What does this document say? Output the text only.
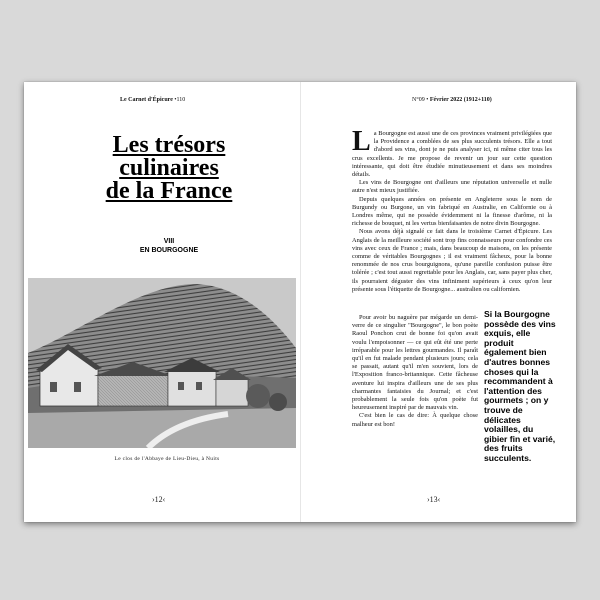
Le Carnet d'Épicure •110
Les trésors
culinaires
de la France
VIII
EN BOURGOGNE
Le clos de l'Abbaye de Lieu-Dieu, à Nuits
›12‹
N°09 • Février 2022 (1912+110)

La Bourgogne est aussi une de ces provinces vraiment privilégiées que la Providence a comblées de ses plus succulents trésors. Elle a tout d'abord ses vins, dont je ne puis analyser ici, ni même citer tous les crus excellents. Je me propose de revenir un jour sur cette question intéressante, qui doit être étudiée minutieusement et dans ses moindres détails.

Les vins de Bourgogne ont d'ailleurs une réputation universelle et nulle autre n'est mieux justifiée.

Depuis quelques années on présente en Angleterre sous le nom de Burgundy ou Burgone, un vin fabriqué en Australie, en Californie ou à Londres même, qui ne possède évidemment ni la finesse d'arôme, ni la richesse de bouquet, ni les vertus bienfaisantes de notre divin Bourgogne.

Nous avons déjà signalé ce fait dans le troisième Carnet d'Épicure. Les Anglais de la meilleure société sont trop fins connaisseurs pour confondre ces vins avec ceux de France ; mais, dans beaucoup de maisons, on les présente comme de véritables Bourgognes ; il est vraiment fâcheux, pour la bonne renommée de nos crus bourguignons, qu'une pareille confusion puisse être tolérée ; c'est tout aussi regrettable pour les Anglais, car, sans payer plus cher, ils pourraient déguster des vins infiniment supérieurs à ceux qu'on leur présente sous l'étiquette de Bourgogne... australien ou californien.

Pour avoir bu naguère par mégarde un demi-verre de ce singulier "Bourgogne", le bon poète Raoul Ponchon crut de bonne foi qu'on avait voulu l'empoisonner — ce qui eût été une perte irréparable pour les lettres gourmandes. Il paraît qu'il en fut malade pendant plusieurs jours; cela se passait, autant qu'il m'en souvient, lors de l'Exposition franco-britannique. Cette fâcheuse aventure lui inspira d'ailleurs une de ses plus charmantes fantaisies du Journal; et c'est probablement la seule fois qu'on poète fut heureusement inspiré par de mauvais vin.

C'est bien le cas de dire: À quelque chose malheur est bon!

Si la Bourgogne possède des vins exquis, elle produit également bien d'autres bonnes choses qui la recommandent à l'attention des gourmets ; on y trouve de délicates volailles, du gibier fin et varié, des fruits succulents.
›13‹
